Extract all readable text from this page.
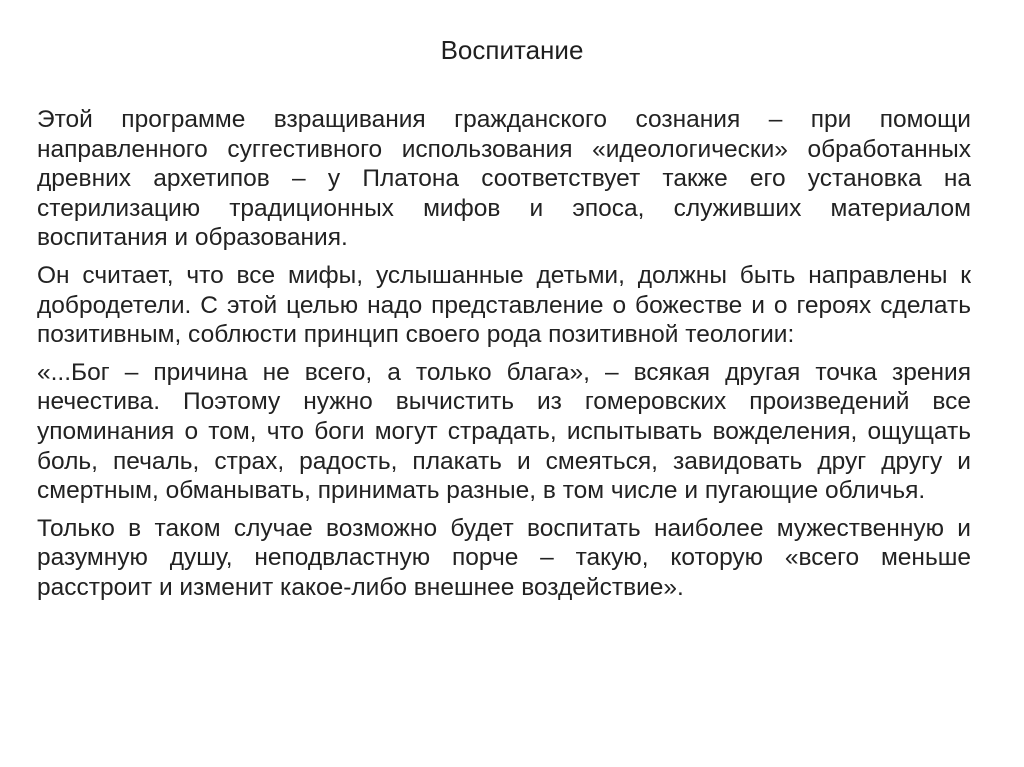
Воспитание

Этой программе взращивания гражданского сознания – при помощи направленного суггестивного использования «идеологически» обработанных древних архетипов – у Платона соответствует также его установка на стерилизацию традиционных мифов и эпоса, служивших материалом воспитания и образования.

Он считает, что все мифы, услышанные детьми, должны быть направлены к добродетели. С этой целью надо представление о божестве и о героях сделать позитивным, соблюсти принцип своего рода позитивной теологии:

«...Бог – причина не всего, а только блага», – всякая другая точка зрения нечестива. Поэтому нужно вычистить из гомеровских произведений все упоминания о том, что боги могут страдать, испытывать вожделения, ощущать боль, печаль, страх, радость, плакать и смеяться, завидовать друг другу и смертным, обманывать, принимать разные, в том числе и пугающие обличья.

Только в таком случае возможно будет воспитать наиболее мужественную и разумную душу, неподвластную порче – такую, которую «всего меньше расстроит и изменит какое-либо внешнее воздействие».
